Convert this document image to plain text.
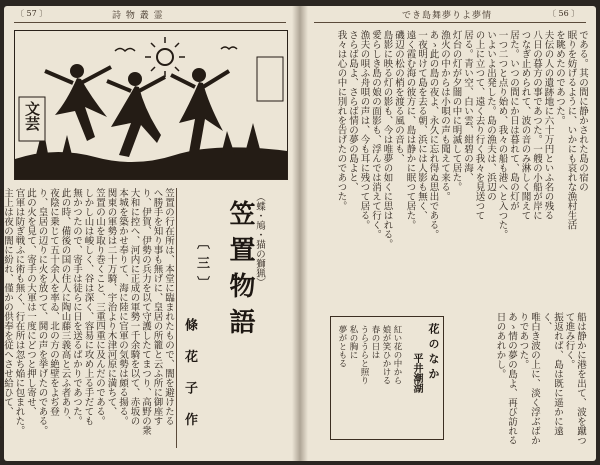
〔 57 〕	詩 物 叢 霊
文芸
（蝶・鳩・猫の獅猟）
笠置物語
〔三〕
條 花 子 作
笠置の行在所は、本堂に臨まれたもので、闇を避けたる
へ勝手を知り事も無げに、皇居の所籠と云ふ所に御座す
り、伊賀、伊勢の兵力を以て守護したてまつり、高野の衆
大和に控へ、河内に正成の軍勢一千余騎を以て、赤坂の
本城を築かせ奉りて、海に陸に官軍の気勢は頗る揚る。
関東の軍勢は二十万騎、宇治より木津河原に満ちて、
笠置の山を取り巻くこと、三重四重に及んだのである。
しかし山は峻しく、谷は深く、容易に攻め上る手だても
無かつたので、寄手は徒らに日を送るばかりであつた。
此の時、備後の国の住人に陶山藤三義高と云ふ者あり、
夜陰に乗じて五十余人を率ゐ、北の方の絶壁をよぢ登
り、皇居の辺りに火を放つて、鬨の声を挙げたのである。
此の火を見て、寄手の大軍は一度にどつと押し寄せ、
官軍は防ぎ戦ふに術も無く、行在所は忽ち焔に包まれた。
主上は夜の闇に紛れ、僅かの供奉を従へさせ給ひて、

でき島舞夢りよ夢情	〔 56 〕
である。其の間に静かされた島の宿の
眠りを妨げるように、いかにも哀れな漁村生活
を眺めたのであつた。
夫伝の人の遺跡地に六十万円といふ名の残る
八日の暮方の事であつた。一艘の小船が岸に
つなぎ止められて、波の音のみ淋しく聞えて
居た。いつの間にか日は暮れて、島の灯が
一つ二つと点り始め、我々の船も港へと入つた。
いよいよ出発した。島の漁夫は、浜辺の
の上に立つて、遠く去り行く我々を見送つて
居る。青い空、白い雲、紺碧の海、
灯台の灯が夕闇の中に明滅して居た。
漁火の中からは小唄の声も聞えて来る。
あゝ此の島の夜よ、永久に忘れ得ぬ思出である。
一夜明けて島を去る朝、浜には人影も無く、
遠く霞む海の彼方に、島は静かに眠つて居た。
磯辺の松の梢を渡る風の音も、
島影に映る灯の影も、今は唯夢の如くに思はれる。
愛らしき島の娘の面影も、浮んでは消えて行く。
漁夫の唄ふ舟唄の声は、今も耳に残つて居る。
さらば島よ、さらば情の夢の島よと、
我々は心の中に別れを告げたのであつた。
船は静かに港を出て、波を蹴つて進み行く。
振返れば、島は既に遥かに遠く、
唯白き波の上に、淡く浮ぶばかりであつた。
あゝ情の夢の島よ、再び訪れる日のあれかし。
花のなか
平井潮湖
紅い花の中から
娘が笑ひかける
春の日は
うらうらと照り
私の胸に
夢がともる
